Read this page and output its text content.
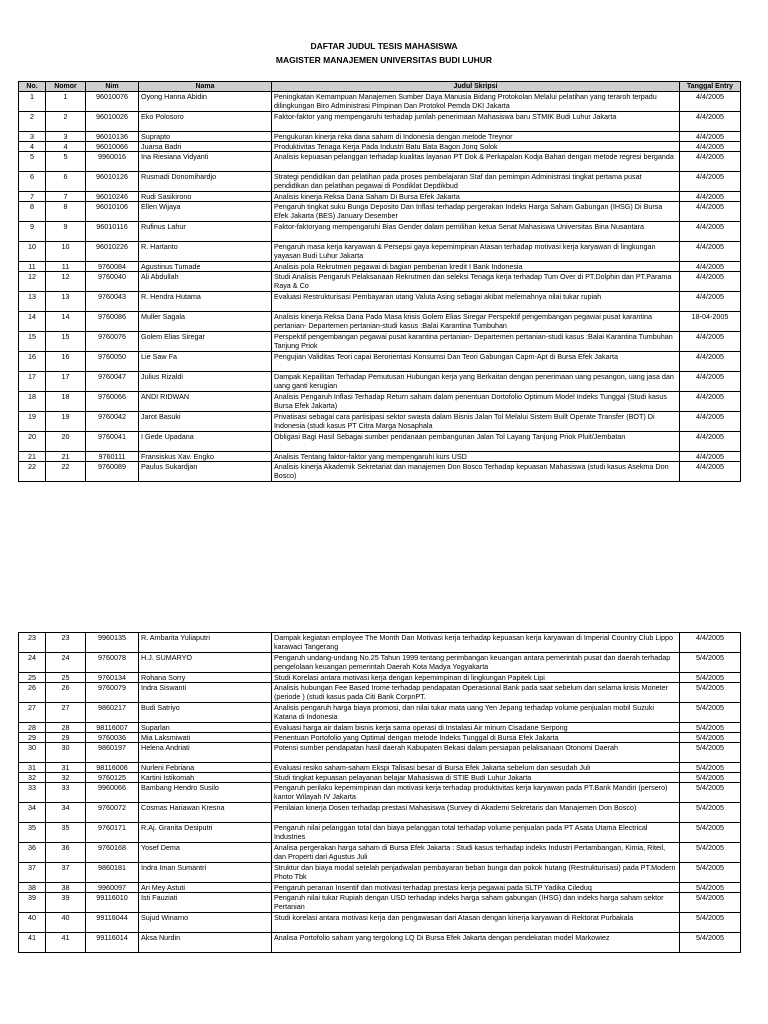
DAFTAR JUDUL TESIS MAHASISWA
MAGISTER MANAJEMEN UNIVERSITAS BUDI LUHUR
No.	Nomor	Nim	Nama	Judul Skripsi	Tanggal Entry
1	1	96010076	Oyong Hanna Abidin	Peningkatan Kemampuan Manajemen Sumber Daya Manusia Bidang Protokolan Melalui pelatihan yang teraroh terpadu dilingkungan Biro Administrasi Pimpinan Dan Protokol Pemda DKI Jakarta	4/4/2005
2	2	96010026	Eko Polosoro	Faktor-faktor yang mempengaruhi terhadap jumlah penerimaan Mahasiswa baru STMIK Budi Luhur Jakarta	4/4/2005
3	3	96010136	Suprapto	Pengukuran kinerja reka dana saham di Indonesia dengan metode Treynor	4/4/2005
4	4	96010066	Juarsa Badri	Produktivitas Tenaga Kerja Pada Industri Batu Bata Bagon Jonq Solok	4/4/2005
5	5	9960016	Ina Riesiana Vidyanti	Analisis kepuasan pelanggan terhadap kualitas layanan PT Dok & Perkapalan Kodja Bahari dengan metode regresi berganda	4/4/2005
6	6	96010126	Rusmadi Donomihardjo	Strategi pendidikan dan pelatihan pada proses pembelajaran Staf dan pemimpin Administrasi tingkat pertama pusat pendidikan dan pelatihan pegawai di Posdiklat Depdikbud	4/4/2005
7	7	96010246	Rudi Sasikirono	Analisis kinerja Reksa Dana Saham Di Bursa Efek Jakarta	4/4/2005
8	8	96010106	Ellen Wijaya	Pengaruh tingkat suku Bunga Deposito Dan Inflasi terhadap pergerakan Indeks Harga Saham Gabungan (IHSG) Di Bursa Efek Jakarta (BES) January Desember	4/4/2005
9	9	96010116	Rufinus Lahur	Faktor-faktoryang mempengaruhi Bias Gender dalam pemilihan ketua Senat Mahasiswa Universitas Bina Nusantara	4/4/2005
10	10	96010226	R. Hartanto	Pengaruh masa kerja karyawan & Persepsi gaya kepemimpinan Atasan terhadap motivasi kerja karyawan di lingkungan yayasan Budi Luhur Jakarta	4/4/2005
11	11	9760084	Agustinus Tumade	Analisis pola Rekrutmen pegawai di bagian pemberian kredit I Bank Indonesia	4/4/2005
12	12	9760040	Ali Abdullah	Studi Analisis Pengaruh Pelaksanaan Rekrutmen dan seleksi Tenaga kerja terhadap Tum Over di PT.Dolphin dan PT.Parama Raya & Co	4/4/2005
13	13	9760043	R. Hendra Hutama	Evaluasi Restrukturisasi Pembayaran utang Valuta Asing sebagai akibat melemahnya nilai tukar rupiah	4/4/2005
14	14	9760086	Muller Sagala	Analisis kinerja Reksa Dana Pada Masa krisis Golem Elias Siregar Perspektif pengembangan pegawai pusat karantina pertanian- Departemen pertanian-studi kasus :Balai Karantina Tumbuhan	18-04-2005
15	15	9760076	Golem Elias Siregar	Perspektif pengembangan pegawai pusat karantina pertanian- Departemen pertanian-studi kasus :Balai Karantina Tumbuhan Tanjung Priok	4/4/2005
16	16	9760050	Lie Saw Fa	Pengujian Validitas Teori capai Berorientasi Konsumsi Dan Teori Gabungan Capm-Apt di Bursa Efek Jakarta	4/4/2005
17	17	9760047	Julius Rizaldi	Dampak Kepailitan Terhadap Pemutusan Hubungan kerja yang Berkaitan dengan penerimaan uang pesangon, uang jasa dan uang ganti kerugian	4/4/2005
18	18	9760066	ANDI RIDWAN	Analisis Pengaruh Inflasi Terhadap Return saham dalam penentuan Dortofolio Optimum Model Indeks Tunggal (Studi kasus Bursa Efek Jakarta)	4/4/2005
19	19	9760042	Jarot Basuki	Privatisasi sebagai cara partisipasi sektor swasta dalam Bisnis Jalan Tol Melalui Sistem Built Operate Transfer (BOT) Di Indonesia (studi kasus PT Citra Marga Nosaphala	4/4/2005
20	20	9760041	I Gede Upadana	Obligasi Bagi Hasil Sebagai sumber pendanaan pembangunan Jalan Tol Layang Tanjung Priok Pluit/Jembatan	4/4/2005
21	21	9760111	Fransiskus Xav. Engko	Analisis Tentang faktor-faktor yang mempengaruhi kurs USD	4/4/2005
22	22	9760089	Paulus Sukardjan	Analisis kinerja Akademik Sekretariat dan manajemen Don Bosco Terhadap kepuasan Mahasiswa (studi kasus Asekma Don Bosco)	4/4/2005
23	23	9960135	R. Ambarita Yuliaputri	Dampak kegiatan employee The Month Dan Motivasi kerja terhadap kepuasan kerja karyawan di Imperial Country Club Lippo karawaci Tangerang	4/4/2005
24	24	9760078	H.J. SUMARYO	Pengaruh undang-undang No.25 Tahun 1999 tentang perimbangan keuangan antara pemerintah pusat dan daerah terhadap pengelolaan keuangan pemerintah Daerah Kota Madya Yogyakarta	5/4/2005
25	25	9760134	Rohana Sorry	Studi Korelasi antara motivasi kerja dengan kepemimpinan di lingkungan Papitek Lipi	5/4/2005
26	26	9760079	Indra Siswanti	Analisis hubungan Fee Based Irome terhadap pendapatan Operasional Bank pada saat sebelum dan selama krisis Moneter (periode ) (studi kasus pada Citi Bank CorpnPT.	5/4/2005
27	27	9860217	Budi Satriyo	Analisis pengaruh harga biaya promosi, dan nilai tukar mata uang Yen Jepang terhadap volume penjualan mobil Suzuki Katana di Indonesia	5/4/2005
28	28	98116007	Suparlan	Evaluasi harga air dalam bisnis kerja sama operasi di Instalasi Air minum Cisadane Serpong	5/4/2005
29	29	9760036	Mia Laksmiwati	Penentuan Portofolio yang Optimal dengan metode Indeks Tunggal di Bursa Efek Jakarta	5/4/2005
30	30	9860197	Helena Andriati	Potensi sumber pendapatan hasil daerah Kabupaten Bekasi dalam persiapan pelaksanaan Otonomi Daerah	5/4/2005
31	31	98116006	Nurleni Febriana	Evaluasi resiko saham-saham Ekspi Talisasi besar di Bursa Efek Jakarta sebelum dan sesudah Juli	5/4/2005
32	32	9760125	Kartini Istikomah	Studi tingkat kepuasan pelayanan belajar Mahasiswa di STIE Budi Luhur Jakarta	5/4/2005
33	33	9960066	Bambang Hendro Susilo	Pengaruh perilaku kepemimpinan dan motivasi kerja terhadap produktivitas kerja karyawan pada PT.Bank Mandiri (persero) kantor Wilayah IV Jakarta	5/4/2005
34	34	9760072	Cosmas Hariawan Kresna	Penilaian kinerja Dosen terhadap prestasi Mahasiswa (Survey di Akademi Sekretaris dan Manajemen Don Bosco)	5/4/2005
35	35	9760171	R.Aj. Granita Desiputri	Pengaruh nilai pelanggan total dan biaya pelanggan total terhadap volume penjualan pada PT Asata Utama Electrical Industries	5/4/2005
36	36	9760168	Yosef Dema	Analisa pergerakan harga saham di Bursa Efek Jakarta : Studi kasus terhadap indeks Industri Pertambangan, Kimia, Riteil, dan Properti dari Agustus Juli	5/4/2005
37	37	9860181	Indra Iman Sumantri	Struktur dan biaya modal setelah penjadwalan pembayaran beban bunga dan pokok hutang (Restrukturisasi) pada PT.Modern Photo Tbk	5/4/2005
38	38	9960097	Ari Mey Astuti	Pengaruh peranan Insentif dan motivasi terhadap prestasi kerja pegawai pada SLTP Yadika Cileduq	5/4/2005
39	39	99116010	Isti Fauziati	Pengaruh nilai tukar Rupiah dengan USD terhadap indeks harga saham gabungan (IHSG) dan indeks harga saham sektor Pertanian	5/4/2005
40	40	99116044	Sujud Winarno	Studi korelasi antara motivasi kerja dan pengawasan dari Atasan dengan kinerja karyawan di Rektorat Purbakala	5/4/2005
41	41	99116014	Aksa Nurdin	Analisa Portofolio saham yang tergolong LQ Di Bursa Efek Jakarta dengan pendekatan model Markowiez	5/4/2005
